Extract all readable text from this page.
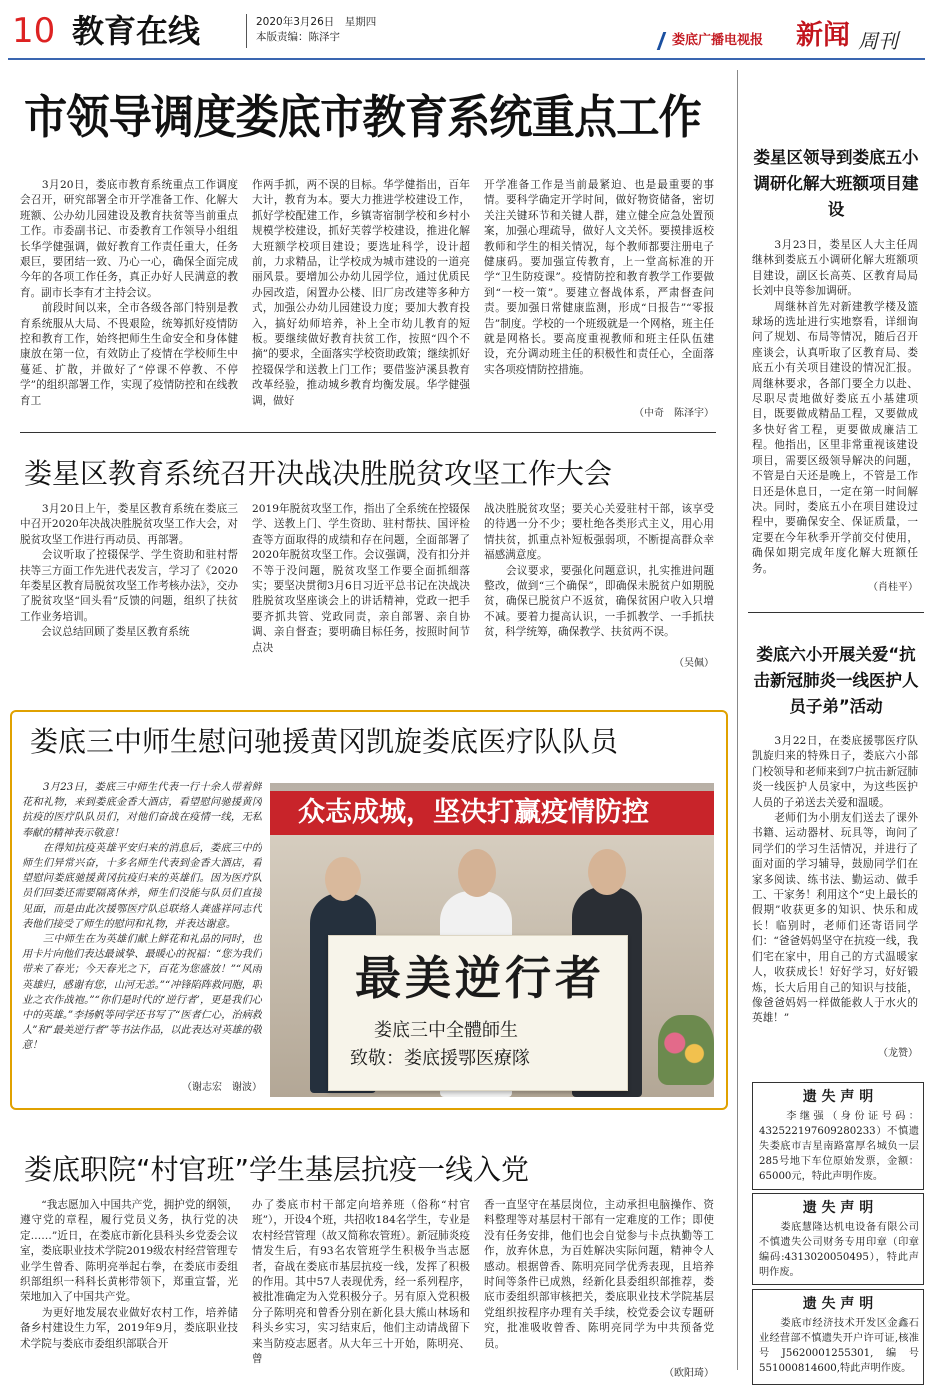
10 教育在线	2020年3月26日　 星期四
本版责编：陈泽宇	娄底广播电视报 新闻 周刊
市领导调度娄底市教育系统重点工作
　　3月20日，娄底市教育系统重点工作调度会召开，研究部署全市开学准备工作、化解大班额、公办幼儿园建设及教育扶贫等当前重点工作。市委副书记、市委教育工作领导小组组长华学健强调，做好教育工作责任重大，任务艰巨，要团结一致、乃心一心，确保全面完成今年的各项工作任务，真正办好人民满意的教育。副市长李有才主持会议。
　　前段时间以来，全市各级各部门特别是教育系统服从大局、不畏艰险，统筹抓好疫情防控和教育工作，始终把师生生命安全和身体健康放在第一位，有效防止了疫情在学校师生中蔓延、扩散，并做好了“停课不停教、不停学”的组织部署工作，实现了疫情防控和在线教育工
作两手抓，两不误的目标。华学健指出，百年大计，教育为本。要大力推进学校建设工作，抓好学校配建工作，乡镇寄宿制学校和乡村小规模学校建设，抓好芙蓉学校建设，推进化解大班额学校项目建设；要选址科学，设计超前，力求精品，让学校成为城市建设的一道亮丽风景。要增加公办幼儿园学位，通过优质民办园改造，闲置办公楼、旧厂房改建等多种方式，加强公办幼儿园建设力度；要加大教育投入，搞好幼师培养，补上全市幼儿教育的短板。要继续做好教育扶贫工作，按照“四个不摘”的要求，全面落实学校资助政策；继续抓好控辍保学和送教上门工作；要借鉴泸溪县教育改革经验，推动城乡教育均衡发展。华学健强调，做好
开学准备工作是当前最紧迫、也是最重要的事情。要科学确定开学时间，做好物资储备，密切关注关键环节和关键人群，建立健全应急处置预案，加强心理疏导，做好人文关怀。要摸排返校教师和学生的相关情况，每个教师都要注册电子健康码。要加强宣传教育，上一堂高标准的开学“卫生防疫课”。疫情防控和教育教学工作要做到“一校一策”。要建立督战体系，严肃督查问责。要加强日常健康监测，形成“日报告”“零报告”制度。学校的一个班级就是一个网格，班主任就是网格长。要高度重视教师和班主任队伍建设，充分调动班主任的积极性和责任心，全面落实各项疫情防控措施。
（中奇　陈泽宇）
娄星区领导到娄底五小调研化解大班额项目建设
　　3月23日，娄星区人大主任周继林到娄底五小调研化解大班额项目建设，副区长高英、区教育局局长刘中良等参加调研。
　　周继林首先对新建教学楼及篮球场的选址进行实地察看，详细询问了规划、布局等情况，随后召开座谈会，认真听取了区教育局、娄底五小有关项目建设的情况汇报。周继林要求，各部门要全力以赴、尽职尽责地做好娄底五小基建项目，既要做成精品工程，又要做成多快好省工程，更要做成廉洁工程。他指出，区里非常重视该建设项目，需要区级领导解决的问题，不管是白天还是晚上，不管是工作日还是休息日，一定在第一时间解决。同时，娄底五小在项目建设过程中，要确保安全、保证质量，一定要在今年秋季开学前交付使用，确保如期完成年度化解大班额任务。
（肖桂平）
娄星区教育系统召开决战决胜脱贫攻坚工作大会
　　3月20日上午，娄星区教育系统在娄底三中召开2020年决战决胜脱贫攻坚工作大会，对脱贫攻坚工作进行再动员、再部署。
　　会议听取了控辍保学、学生资助和驻村帮扶等三方面工作先进代表发言，学习了《2020年娄星区教育局脱贫攻坚工作考核办法》，交办了脱贫攻坚“回头看”反馈的问题，组织了扶贫工作业务培训。
　　会议总结回顾了娄星区教育系统
2019年脱贫攻坚工作，指出了全系统在控辍保学、送教上门、学生资助、驻村帮扶、国评检查等方面取得的成绩和存在问题，全面部署了2020年脱贫攻坚工作。会议强调，没有扣分并不等于没问题，脱贫攻坚工作要全面抓细落实；要坚决贯彻3月6日习近平总书记在决战决胜脱贫攻坚座谈会上的讲话精神，党政一把手要齐抓共管、党政同责，亲自部署、亲自协调、亲自督查；要明确目标任务，按照时间节点决
战决胜脱贫攻坚；要关心关爱驻村干部，该享受的待遇一分不少；要杜绝各类形式主义，用心用情扶贫，抓重点补短板强弱项，不断提高群众幸福感满意度。
　　会议要求，要强化问题意识，扎实推进问题整改，做到“三个确保”，即确保未脱贫户如期脱贫，确保已脱贫户不返贫，确保贫困户收入只增不减。要着力提高认识，一手抓教学、一手抓扶贫，科学统筹，确保教学、扶贫两不误。
（吴佩）	娄底六小开展关爱“抗击新冠肺炎一线医护人员子弟”活动
　　3月22日，在娄底援鄂医疗队凯旋归来的特殊日子，娄底六小部门校领导和老师来到7户抗击新冠肺炎一线医护人员家中，为这些医护人员的子弟送去关爱和温暖。
　　老师们为小朋友们送去了课外书籍、运动器材、玩具等，询问了同学们的学习生活情况，并进行了面对面的学习辅导，鼓励同学们在家多阅读、练书法、勤运动、做手工、干家务！利用这个“史上最长的假期”收获更多的知识、快乐和成长！临别时，老师们还寄语同学们：“爸爸妈妈坚守在抗疫一线，我们宅在家中，用自己的方式温暖家人，收获成长！好好学习，好好锻炼，长大后用自己的知识与技能，像爸爸妈妈一样做能救人于水火的英雄！”
（龙赞）
娄底三中师生慰问驰援黄冈凯旋娄底医疗队队员
　　3月23日，娄底三中师生代表一行十余人带着鲜花和礼物，来到娄底金香大酒店，看望慰问驰援黄冈抗疫的医疗队队员们，对他们奋战在疫情一线，无私奉献的精神表示敬意！
　　在得知抗疫英雄平安归来的消息后，娄底三中的师生们异常兴奋，十多名师生代表到金香大酒店，看望慰问娄底驰援黄冈抗疫归来的英雄们。因为医疗队员们回娄还需要隔离休养，师生们没能与队员们直接见面，而是由此次援鄂医疗队总联络人龚盛祥同志代表他们接受了师生的慰问和礼物，并表达谢意。
　　三中师生在为英雄们献上鲜花和礼品的同时，也用卡片向他们表达最诚挚、最暖心的祝福：“您为我们带来了春光；今天春光之下，百花为您盛放！”“风雨英雄归，感谢有您，山河无恙。”“冲锋陷阵救同胞，职业之衣作战袍。”“你们是时代的‘逆行者’，更是我们心中的英雄。”李扬帆等同学还书写了“医者仁心，治病救人”和“最美逆行者”等书法作品，以此表达对英雄的敬意！
（谢志宏　谢波）
众志成城，坚决打赢疫情防控
最美逆行者
娄底三中全體師生
致敬：娄底援鄂医療隊
娄底职院“村官班”学生基层抗疫一线入党
　　“我志愿加入中国共产党，拥护党的纲领，遵守党的章程，履行党员义务，执行党的决定……”近日，在娄底市新化县科头乡党委会议室，娄底职业技术学院2019级农村经营管理专业学生曾香、陈明亮举起右拳，在娄底市委组织部组织一科科长黄彬带领下，郑重宣誓，光荣地加入了中国共产党。
　　为更好地发展农业做好农村工作，培养储备乡村建设生力军，2019年9月，娄底职业技术学院与娄底市委组织部联合开
办了娄底市村干部定向培养班（俗称“村官班”），开设4个班，共招收184名学生，专业是农村经营管理（故又简称农管班）。新冠肺炎疫情发生后，有93名农管班学生积极争当志愿者，奋战在娄底市基层抗疫一线，发挥了积极的作用。其中57人表现优秀，经一系列程序，被批准确定为入党积极分子。另有原入党积极分子陈明亮和曾香分别在新化县大熊山林场和科头乡实习，实习结束后，他们主动请战留下来当防疫志愿者。从大年三十开始，陈明亮、曾
香一直坚守在基层岗位，主动承担电脑操作、资料整理等对基层村干部有一定难度的工作；即使没有任务安排，他们也会自觉参与卡点执勤等工作，放弃休息，为百姓解决实际问题，精神令人感动。根据曾香、陈明亮同学优秀表现，且培养时间等条件已成熟，经新化县委组织部推荐，娄底市委组织部审核把关，娄底职业技术学院基层党组织按程序办理有关手续，校党委会议专题研究，批准吸收曾香、陈明亮同学为中共预备党员。
（欧阳琦）
遗 失 声 明
　　李继强（身份证号码：432522197609280233）不慎遗失娄底市吉星南路富厚名城负一层285号地下车位原始发票，金额：65000元，特此声明作废。
遗 失 声 明
　　娄底慧隆达机电设备有限公司不慎遗失公司财务专用印章（印章编码:4313020050495），特此声明作废。
遗 失 声 明
　　娄底市经济技术开发区金鑫石业经营部不慎遗失开户许可证,核准号J5620001255301,编号551000814600,特此声明作废。
